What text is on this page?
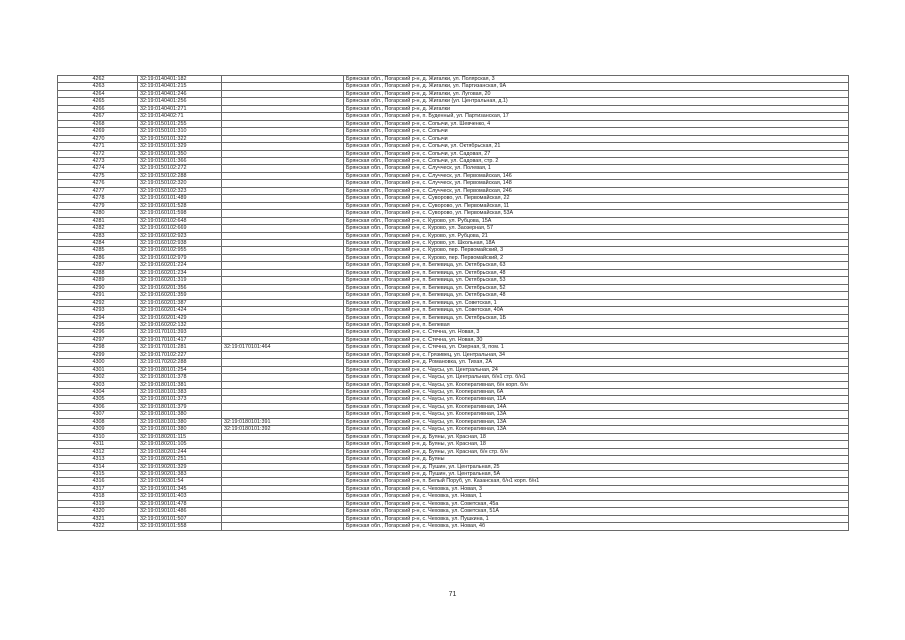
4262	32:19:0140401:182		Брянская обл., Погарский р-н, д. Жигалки, ул. Полярская, 3
4263	32:19:0140401:215		Брянская обл., Погарский р-н, д. Жигалки, ул. Партизанская, 9А
4264	32:19:0140401:246		Брянская обл., Погарский р-н, д. Жигалки, ул. Луговая, 20
4265	32:19:0140401:256		Брянская обл., Погарский р-н, д. Жигалки (ул. Центральная, д.1)
4266	32:19:0140401:271		Брянская обл., Погарский р-н, д. Жигалки
4267	32:19:0140402:71		Брянская обл., Погарский р-н, п. Буденный, ул. Партизанская, 17
4268	32:19:0150101:255		Брянская обл., Погарский р-н, с. Сопычи, ул. Шевченко, 4
4269	32:19:0150101:310		Брянская обл., Погарский р-н, с. Сопычи
4270	32:19:0150101:322		Брянская обл., Погарский р-н, с. Сопычи
4271	32:19:0150101:329		Брянская обл., Погарский р-н, с. Сопычи, ул. Октябрьская, 21
4272	32:19:0150101:350		Брянская обл., Погарский р-н, с. Сопычи, ул. Садовая, 27
4273	32:19:0150101:366		Брянская обл., Погарский р-н, с. Сопычи, ул. Садовая, стр. 2
4274	32:19:0150102:272		Брянская обл., Погарский р-н, с. Случческ, ул. Полевая, 1
4275	32:19:0150102:288		Брянская обл., Погарский р-н, с. Случческ, ул. Первомайская, 146
4276	32:19:0150102:320		Брянская обл., Погарский р-н, с. Случческ, ул. Первомайская, 148
4277	32:19:0150102:323		Брянская обл., Погарский р-н, с. Случческ, ул. Первомайская, 246
4278	32:19:0160101:489		Брянская обл., Погарский р-н, с. Суворово, ул. Первомайская, 22
4279	32:19:0160101:528		Брянская обл., Погарский р-н, с. Суворово, ул. Первомайская, 11
4280	32:19:0160101:598		Брянская обл., Погарский р-н, с. Суворово, ул. Первомайская, 53А
4281	32:19:0160102:648		Брянская обл., Погарский р-н, с. Курово, ул. Рубцова, 15А
4282	32:19:0160102:669		Брянская обл., Погарский р-н, с. Курово, ул. Заозерная, 57
4283	32:19:0160102:923		Брянская обл., Погарский р-н, с. Курово, ул. Рубцова, 21
4284	32:19:0160102:938		Брянская обл., Погарский р-н, с. Курово, ул. Школьная, 18А
4285	32:19:0160102:955		Брянская обл., Погарский р-н, с. Курово, пер. Первомайский, 3
4286	32:19:0160102:979		Брянская обл., Погарский р-н, с. Курово, пер. Первомайский, 2
4287	32:19:0160201:224		Брянская обл., Погарский р-н, п. Белевица, ул. Октябрьская, 63
4288	32:19:0160201:234		Брянская обл., Погарский р-н, п. Белевица, ул. Октябрьская, 48
4289	32:19:0160201:319		Брянская обл., Погарский р-н, п. Белевица, ул. Октябрьская, 53
4290	32:19:0160201:356		Брянская обл., Погарский р-н, п. Белевица, ул. Октябрьская, 52
4291	32:19:0160201:359		Брянская обл., Погарский р-н, п. Белевица, ул. Октябрьская, 48
4292	32:19:0160201:387		Брянская обл., Погарский р-н, п. Белевица, ул. Советская, 1
4293	32:19:0160201:424		Брянская обл., Погарский р-н, п. Белевица, ул. Советская, 40А
4294	32:19:0160201:429		Брянская обл., Погарский р-н, п. Белевица, ул. Октябрьская, 1Б
4295	32:19:0160202:132		Брянская обл., Погарский р-н, п. Белевая
4296	32:19:0170101:393		Брянская обл., Погарский р-н, с. Стечна, ул. Новая, 3
4297	32:19:0170101:417		Брянская обл., Погарский р-н, с. Стечна, ул. Новая, 30
4298	32:19:0170101:281	32:19:0170101:464	Брянская обл., Погарский р-н, с. Стечна, ул. Озерная, 9, пом. 1
4299	32:19:0170102:227		Брянская обл., Погарский р-н, с. Грязивец, ул. Центральная, 34
4300	32:19:0170202:288		Брянская обл., Погарский р-н, д. Романовка, ул. Тихая, 2А
4301	32:19:0180101:254		Брянская обл., Погарский р-н, с. Чаусы, ул. Центральная, 24
4302	32:19:0180101:378		Брянская обл., Погарский р-н, с. Чаусы, ул. Центральная, б/н1 стр. б/н1
4303	32:19:0180101:381		Брянская обл., Погарский р-н, с. Чаусы, ул. Кооперативная, б/н корп. б/н
4304	32:19:0180101:383		Брянская обл., Погарский р-н, с. Чаусы, ул. Кооперативная, 6А
4305	32:19:0180101:373		Брянская обл., Погарский р-н, с. Чаусы, ул. Кооперативная, 11А
4306	32:19:0180101:379		Брянская обл., Погарский р-н, с. Чаусы, ул. Кооперативная, 14А
4307	32:19:0180101:380		Брянская обл., Погарский р-н, с. Чаусы, ул. Кооперативная, 13А
4308	32:19:0180101:380	32:19:0180101:391	Брянская обл., Погарский р-н, с. Чаусы, ул. Кооперативная, 13А
4309	32:19:0180101:380	32:19:0180101:392	Брянская обл., Погарский р-н, с. Чаусы, ул. Кооперативная, 13А
4310	32:19:0180201:115		Брянская обл., Погарский р-н, д. Буяны, ул. Красная, 18
4311	32:19:0180201:105		Брянская обл., Погарский р-н, д. Буяны, ул. Красная, 18
4312	32:19:0180201:244		Брянская обл., Погарский р-н, д. Буяны, ул. Красная, б/н стр. б/н
4313	32:19:0180201:251		Брянская обл., Погарский р-н, д. Буяны
4314	32:19:0190201:329		Брянская обл., Погарский р-н, д. Пушин, ул. Центральная, 25
4315	32:19:0190201:383		Брянская обл., Погарский р-н, д. Пушин, ул. Центральная, 5А
4316	32:19:0190301:54		Брянская обл., Погарский р-н, п. Белый Поруб, ул. Казанская, б/н1 корп. б/н1
4317	32:19:0190101:345		Брянская обл., Погарский р-н, с. Чеховка, ул. Новая, 3
4318	32:19:0190101:403		Брянская обл., Погарский р-н, с. Чеховка, ул. Новая, 1
4319	32:19:0190101:478		Брянская обл., Погарский р-н, с. Чеховка, ул. Советская, 45а
4320	32:19:0190101:486		Брянская обл., Погарский р-н, с. Чеховка, ул. Советская, 51А
4321	32:19:0190101:507		Брянская обл., Погарский р-н, с. Чеховка, ул. Пушкина, 1
4322	32:19:0190101:558		Брянская обл., Погарский р-н, с. Чеховка, ул. Новая, 4б
71
